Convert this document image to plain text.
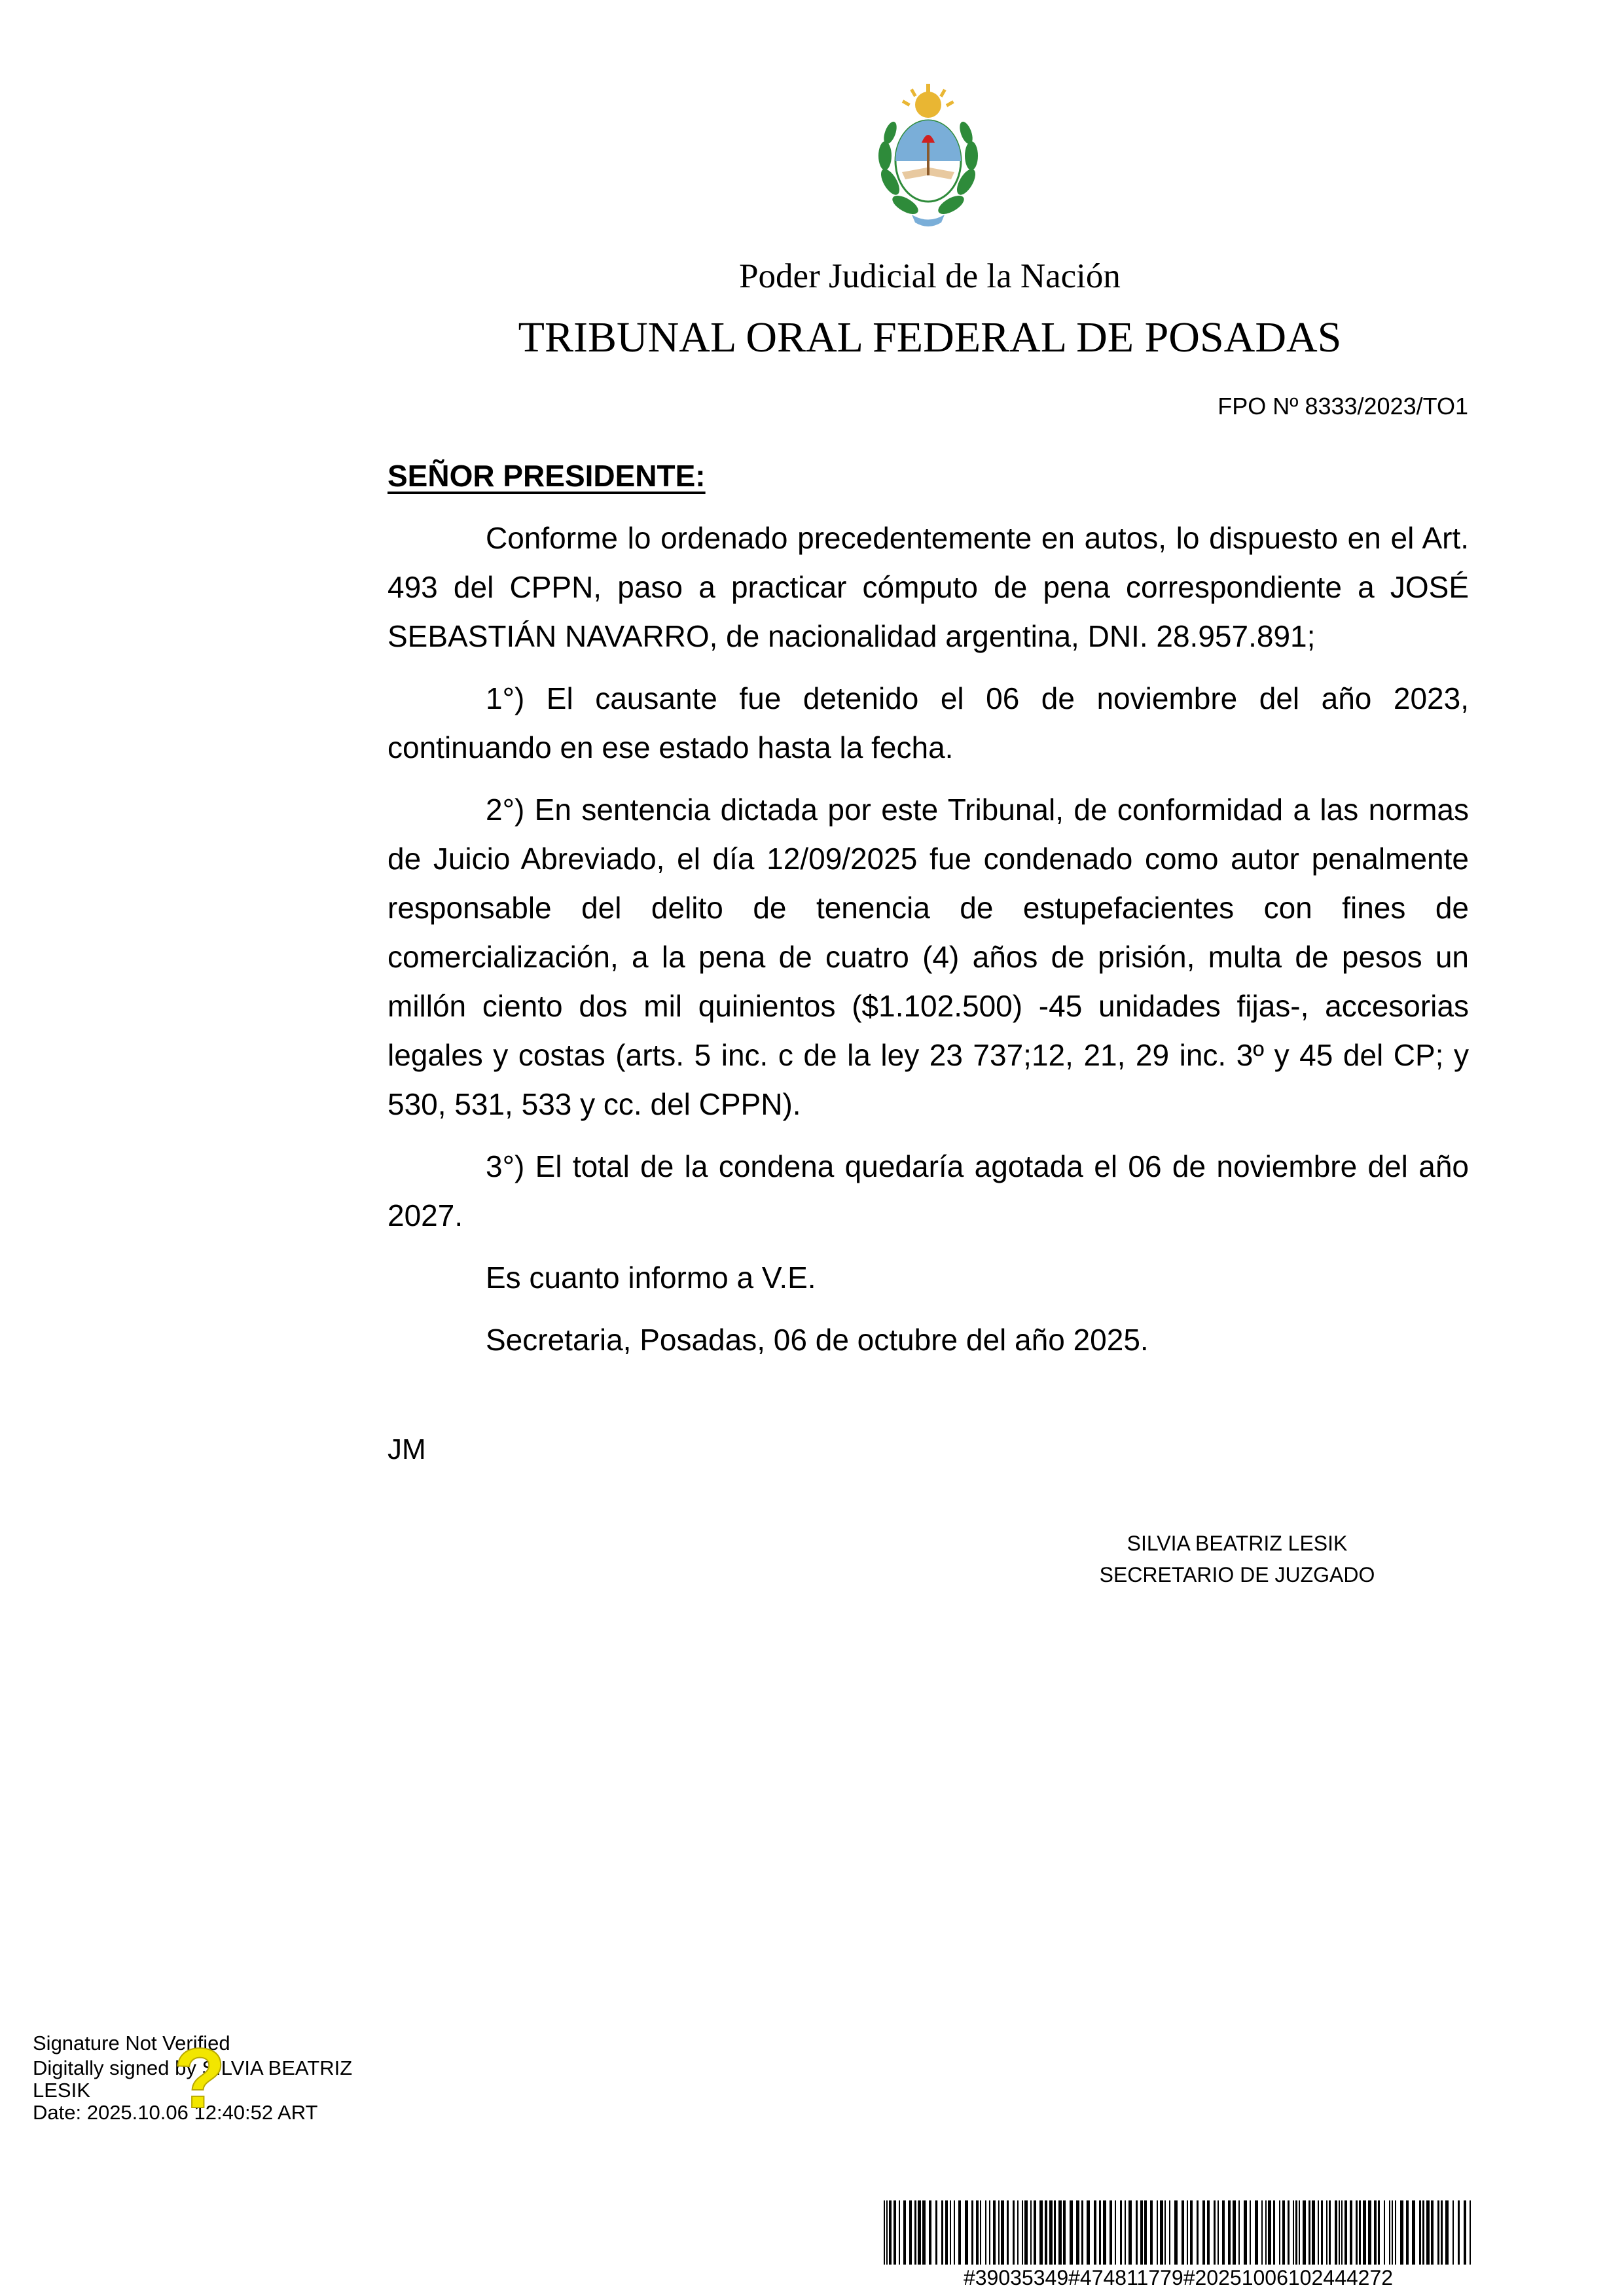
Poder Judicial de la Nación
TRIBUNAL ORAL FEDERAL DE POSADAS
FPO Nº 8333/2023/TO1
SEÑOR PRESIDENTE:

Conforme lo ordenado precedentemente en autos, lo dispuesto en el Art. 493 del CPPN, paso a practicar cómputo de pena correspondiente a JOSÉ SEBASTIÁN NAVARRO, de nacionalidad argentina, DNI. 28.957.891;

1°) El causante fue detenido el 06 de noviembre del año 2023, continuando en ese estado hasta la fecha.

2°) En sentencia dictada por este Tribunal, de conformidad a las normas de Juicio Abreviado, el día 12/09/2025 fue condenado como autor penalmente responsable del delito de tenencia de estupefacientes con fines de comercialización, a la pena de cuatro (4) años de prisión, multa de pesos un millón ciento dos mil quinientos ($1.102.500) -45 unidades fijas-, accesorias legales y costas (arts. 5 inc. c de la ley 23 737;12, 21, 29 inc. 3º y 45 del CP; y 530, 531, 533 y cc. del CPPN).

3°) El total de la condena quedaría agotada el 06 de noviembre del año 2027.

Es cuanto informo a V.E.

Secretaria, Posadas, 06 de octubre del año 2025.

JM
SILVIA BEATRIZ LESIK
SECRETARIO DE JUZGADO
Signature Not Verified
Digitally signed by SILVIA BEATRIZ
LESIK
Date: 2025.10.06 12:40:52 ART
?
#39035349#474811779#20251006102444272
